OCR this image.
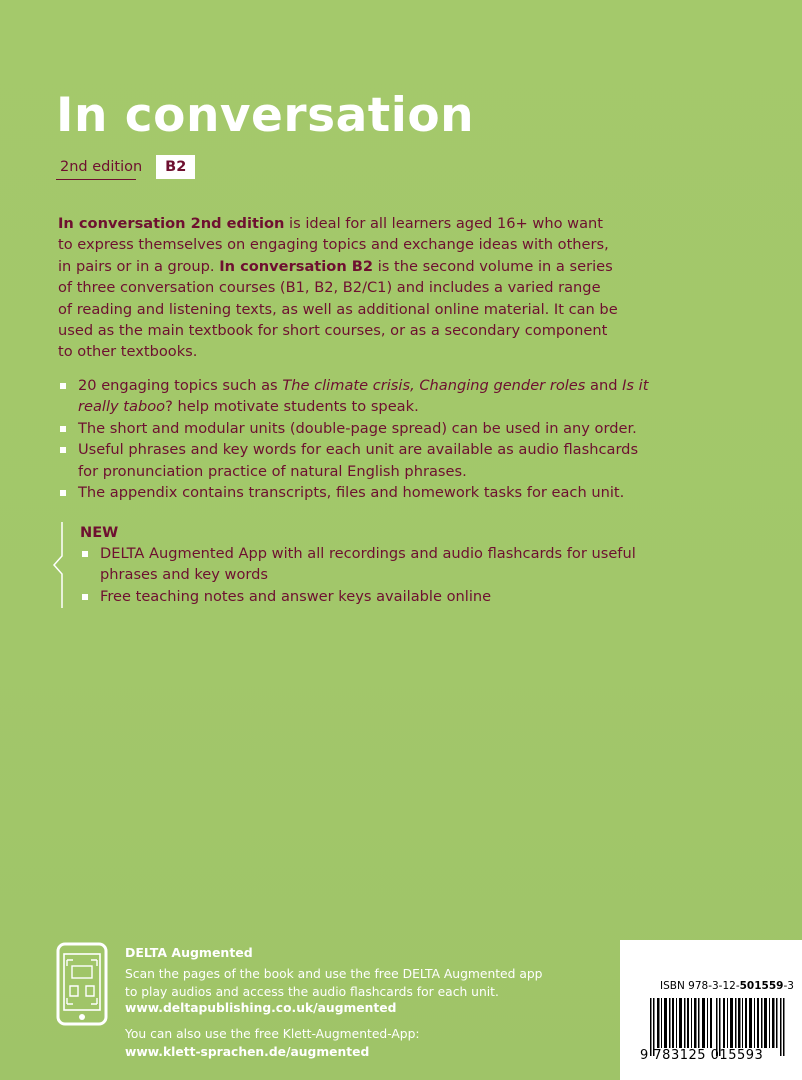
In conversation
2nd edition	B2

In conversation 2nd edition is ideal for all learners aged 16+ who want to express themselves on engaging topics and exchange ideas with others, in pairs or in a group. In conversation B2 is the second volume in a series of three conversation courses (B1, B2, B2/C1) and includes a varied range of reading and listening texts, as well as additional online material. It can be used as the main textbook for short courses, or as a secondary component to other textbooks.

20 engaging topics such as The climate crisis, Changing gender roles and Is it really taboo? help motivate students to speak.
The short and modular units (double-page spread) can be used in any order.
Useful phrases and key words for each unit are available as audio flashcards for pronunciation practice of natural English phrases.
The appendix contains transcripts, files and homework tasks for each unit.
NEW
DELTA Augmented App with all recordings and audio flashcards for useful phrases and key words
Free teaching notes and answer keys available online
DELTA Augmented

Scan the pages of the book and use the free DELTA Augmented app to play audios and access the audio flashcards for each unit.

www.deltapublishing.co.uk/augmented
You can also use the free Klett-Augmented-App:
www.klett-sprachen.de/augmented
ISBN 978-3-12-501559-3
9 783125 015593
